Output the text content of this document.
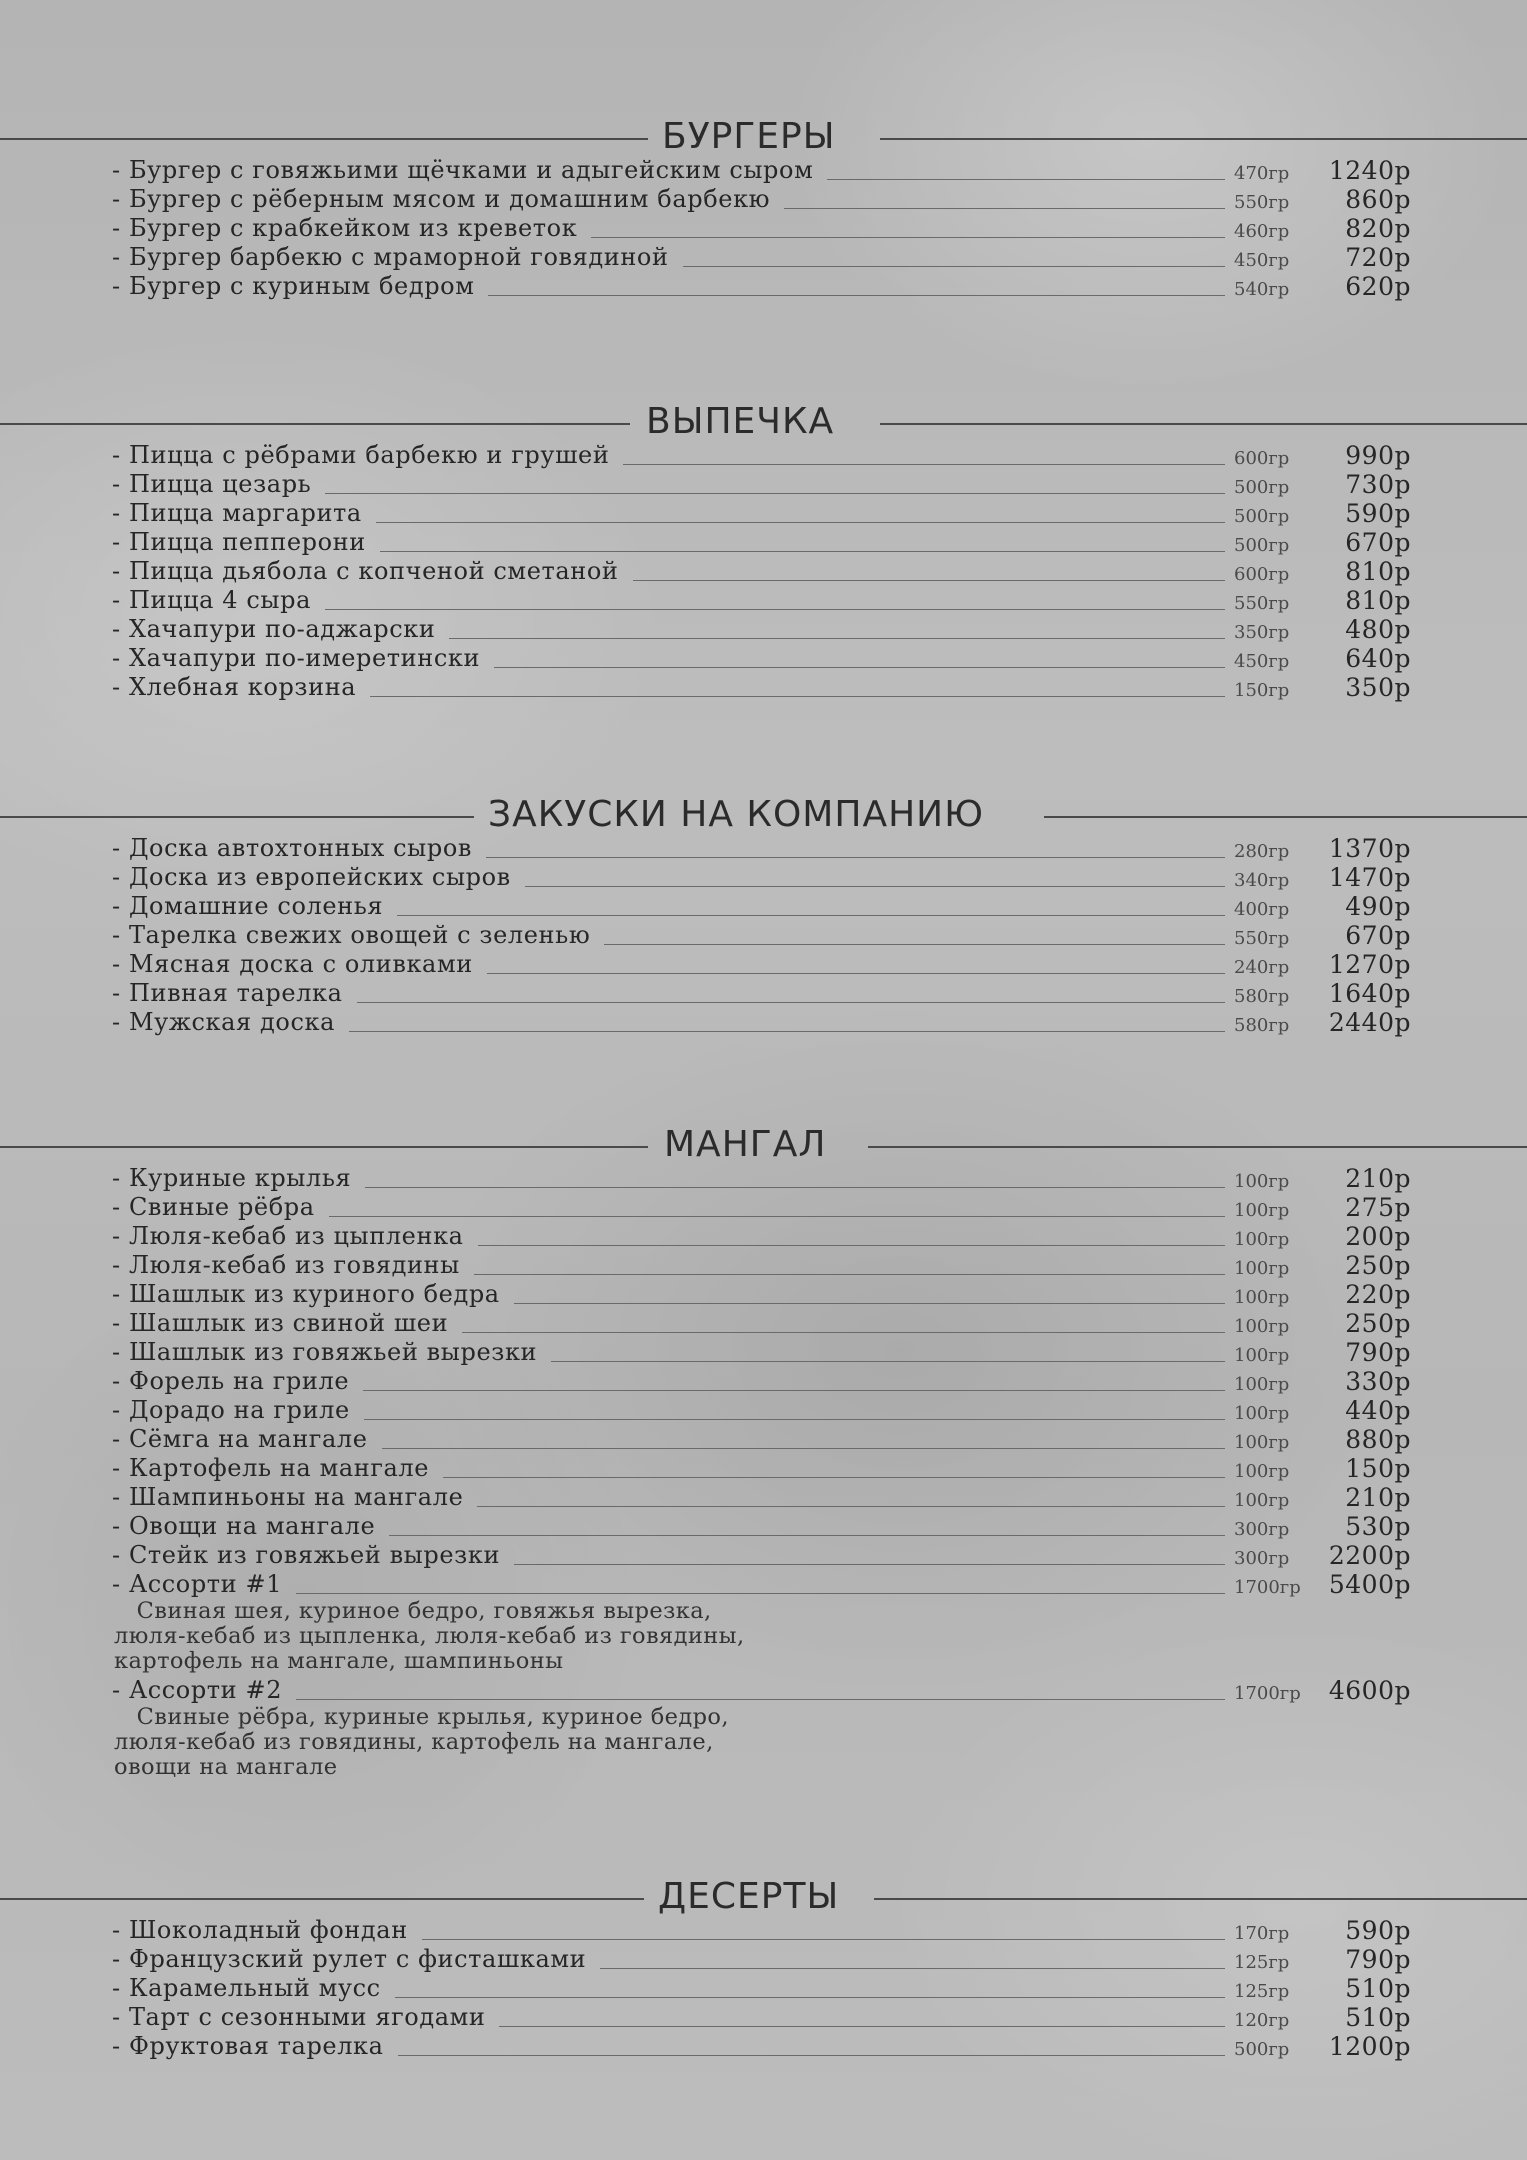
БУРГЕРЫ
- Бургер с говяжьими щёчками и адыгейским сыром	470гр 1240р
- Бургер с рёберным мясом и домашним барбекю	550гр 860р
- Бургер с крабкейком из креветок	460гр 820р
- Бургер барбекю с мраморной говядиной	450гр 720р
- Бургер с куриным бедром	540гр 620р
ВЫПЕЧКА
- Пицца с рёбрами барбекю и грушей	600гр 990р
- Пицца цезарь	500гр 730р
- Пицца маргарита	500гр 590р
- Пицца пепперони	500гр 670р
- Пицца дьябола с копченой сметаной	600гр 810р
- Пицца 4 сыра	550гр 810р
- Хачапури по-аджарски	350гр 480р
- Хачапури по-имеретински	450гр 640р
- Хлебная корзина	150гр 350р
ЗАКУСКИ НА КОМПАНИЮ
- Доска автохтонных сыров	280гр 1370р
- Доска из европейских сыров	340гр 1470р
- Домашние соленья	400гр 490р
- Тарелка свежих овощей с зеленью	550гр 670р
- Мясная доска с оливками	240гр 1270р
- Пивная тарелка	580гр 1640р
- Мужская доска	580гр 2440р
МАНГАЛ
- Куриные крылья	100гр 210р
- Свиные рёбра	100гр 275р
- Люля-кебаб из цыпленка	100гр 200р
- Люля-кебаб из говядины	100гр 250р
- Шашлык из куриного бедра	100гр 220р
- Шашлык из свиной шеи	100гр 250р
- Шашлык из говяжьей вырезки	100гр 790р
- Форель на гриле	100гр 330р
- Дорадо на гриле	100гр 440р
- Сёмга на мангале	100гр 880р
- Картофель на мангале	100гр 150р
- Шампиньоны на мангале	100гр 210р
- Овощи на мангале	300гр 530р
- Стейк из говяжьей вырезки	300гр 2200р
- Ассорти #1	1700гр 5400р
Свиная шея, куриное бедро, говяжья вырезка,
люля-кебаб из цыпленка, люля-кебаб из говядины,
картофель на мангале, шампиньоны
- Ассорти #2	1700гр 4600р
Свиные рёбра, куриные крылья, куриное бедро,
люля-кебаб из говядины, картофель на мангале,
овощи на мангале
ДЕСЕРТЫ
- Шоколадный фондан	170гр 590р
- Французский рулет с фисташками	125гр 790р
- Карамельный мусс	125гр 510р
- Тарт с сезонными ягодами	120гр 510р
- Фруктовая тарелка	500гр 1200р
